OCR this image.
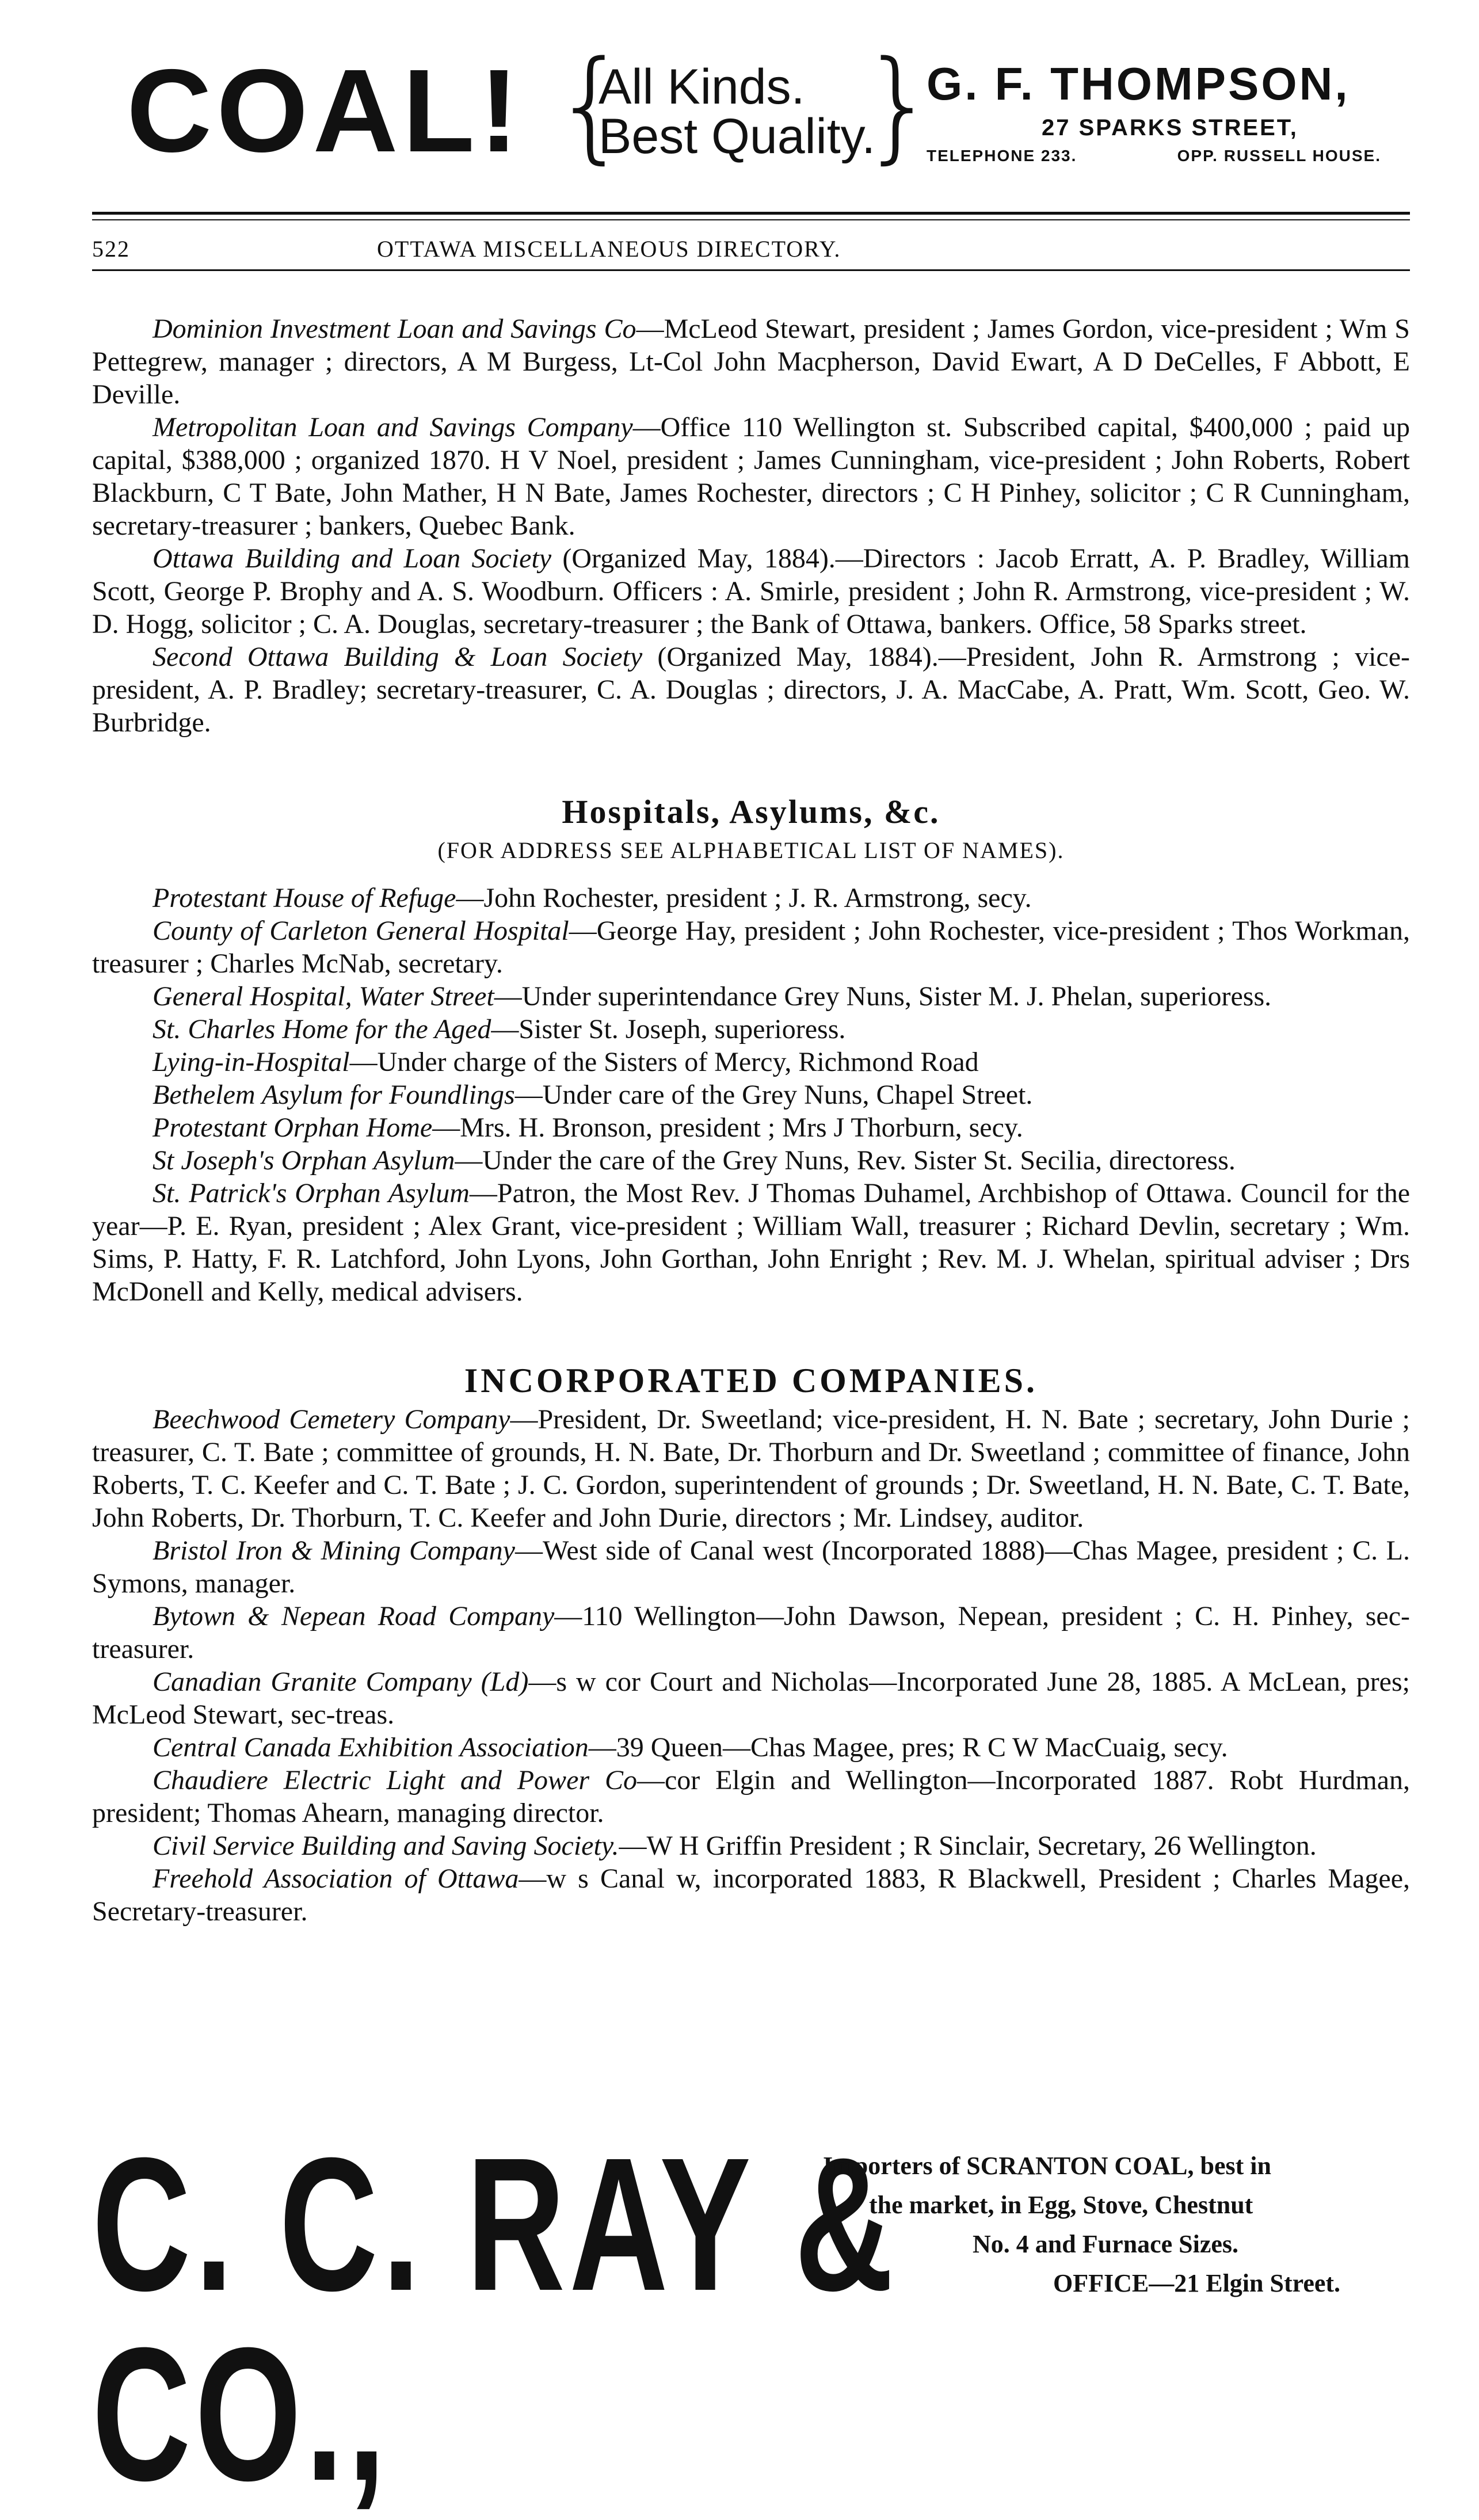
COAL! {
All Kinds.
Best Quality.
}
G. F. THOMPSON,
27 SPARKS STREET,
TELEPHONE 233.	OPP. RUSSELL HOUSE.
522	OTTAWA MISCELLANEOUS DIRECTORY.

Dominion Investment Loan and Savings Co—McLeod Stewart, president ; James Gordon, vice-president ; Wm S Pettegrew, manager ; directors, A M Burgess, Lt-Col John Macpherson, David Ewart, A D DeCelles, F Abbott, E Deville.

Metropolitan Loan and Savings Company—Office 110 Wellington st. Subscribed capital, $400,000 ; paid up capital, $388,000 ; organized 1870. H V Noel, president ; James Cunningham, vice-president ; John Roberts, Robert Blackburn, C T Bate, John Mather, H N Bate, James Rochester, directors ; C H Pinhey, solicitor ; C R Cunningham, secretary-treasurer ; bankers, Quebec Bank.

Ottawa Building and Loan Society (Organized May, 1884).—Directors : Jacob Erratt, A. P. Bradley, William Scott, George P. Brophy and A. S. Woodburn. Officers : A. Smirle, president ; John R. Armstrong, vice-president ; W. D. Hogg, solicitor ; C. A. Douglas, secretary-treasurer ; the Bank of Ottawa, bankers. Office, 58 Sparks street.

Second Ottawa Building & Loan Society (Organized May, 1884).—President, John R. Armstrong ; vice-president, A. P. Bradley; secretary-treasurer, C. A. Douglas ; directors, J. A. MacCabe, A. Pratt, Wm. Scott, Geo. W. Burbridge.

Hospitals, Asylums, &c.
(FOR ADDRESS SEE ALPHABETICAL LIST OF NAMES).

Protestant House of Refuge—John Rochester, president ; J. R. Armstrong, secy.

County of Carleton General Hospital—George Hay, president ; John Rochester, vice-president ; Thos Workman, treasurer ; Charles McNab, secretary.

General Hospital, Water Street—Under superintendance Grey Nuns, Sister M. J. Phelan, superioress.

St. Charles Home for the Aged—Sister St. Joseph, superioress.

Lying-in-Hospital—Under charge of the Sisters of Mercy, Richmond Road

Bethelem Asylum for Foundlings—Under care of the Grey Nuns, Chapel Street.

Protestant Orphan Home—Mrs. H. Bronson, president ; Mrs J Thorburn, secy.

St Joseph's Orphan Asylum—Under the care of the Grey Nuns, Rev. Sister St. Secilia, directoress.

St. Patrick's Orphan Asylum—Patron, the Most Rev. J Thomas Duhamel, Archbishop of Ottawa. Council for the year—P. E. Ryan, president ; Alex Grant, vice-president ; William Wall, treasurer ; Richard Devlin, secretary ; Wm. Sims, P. Hatty, F. R. Latchford, John Lyons, John Gorthan, John Enright ; Rev. M. J. Whelan, spiritual adviser ; Drs McDonell and Kelly, medical advisers.

INCORPORATED COMPANIES.

Beechwood Cemetery Company—President, Dr. Sweetland; vice-president, H. N. Bate ; secretary, John Durie ; treasurer, C. T. Bate ; committee of grounds, H. N. Bate, Dr. Thorburn and Dr. Sweetland ; committee of finance, John Roberts, T. C. Keefer and C. T. Bate ; J. C. Gordon, superintendent of grounds ; Dr. Sweetland, H. N. Bate, C. T. Bate, John Roberts, Dr. Thorburn, T. C. Keefer and John Durie, directors ; Mr. Lindsey, auditor.

Bristol Iron & Mining Company—West side of Canal west (Incorporated 1888)—Chas Magee, president ; C. L. Symons, manager.

Bytown & Nepean Road Company—110 Wellington—John Dawson, Nepean, president ; C. H. Pinhey, sec-treasurer.

Canadian Granite Company (Ld)—s w cor Court and Nicholas—Incorporated June 28, 1885. A McLean, pres; McLeod Stewart, sec-treas.

Central Canada Exhibition Association—39 Queen—Chas Magee, pres; R C W MacCuaig, secy.

Chaudiere Electric Light and Power Co—cor Elgin and Wellington—Incorporated 1887. Robt Hurdman, president; Thomas Ahearn, managing director.

Civil Service Building and Saving Society.—W H Griffin President ; R Sinclair, Secretary, 26 Wellington.

Freehold Association of Ottawa—w s Canal w, incorporated 1883, R Blackwell, President ; Charles Magee, Secretary-treasurer.

C. C. RAY & CO.,
Importers of SCRANTON COAL, best in
the market, in Egg, Stove, Chestnut
No. 4 and Furnace Sizes.
OFFICE—21 Elgin Street.
